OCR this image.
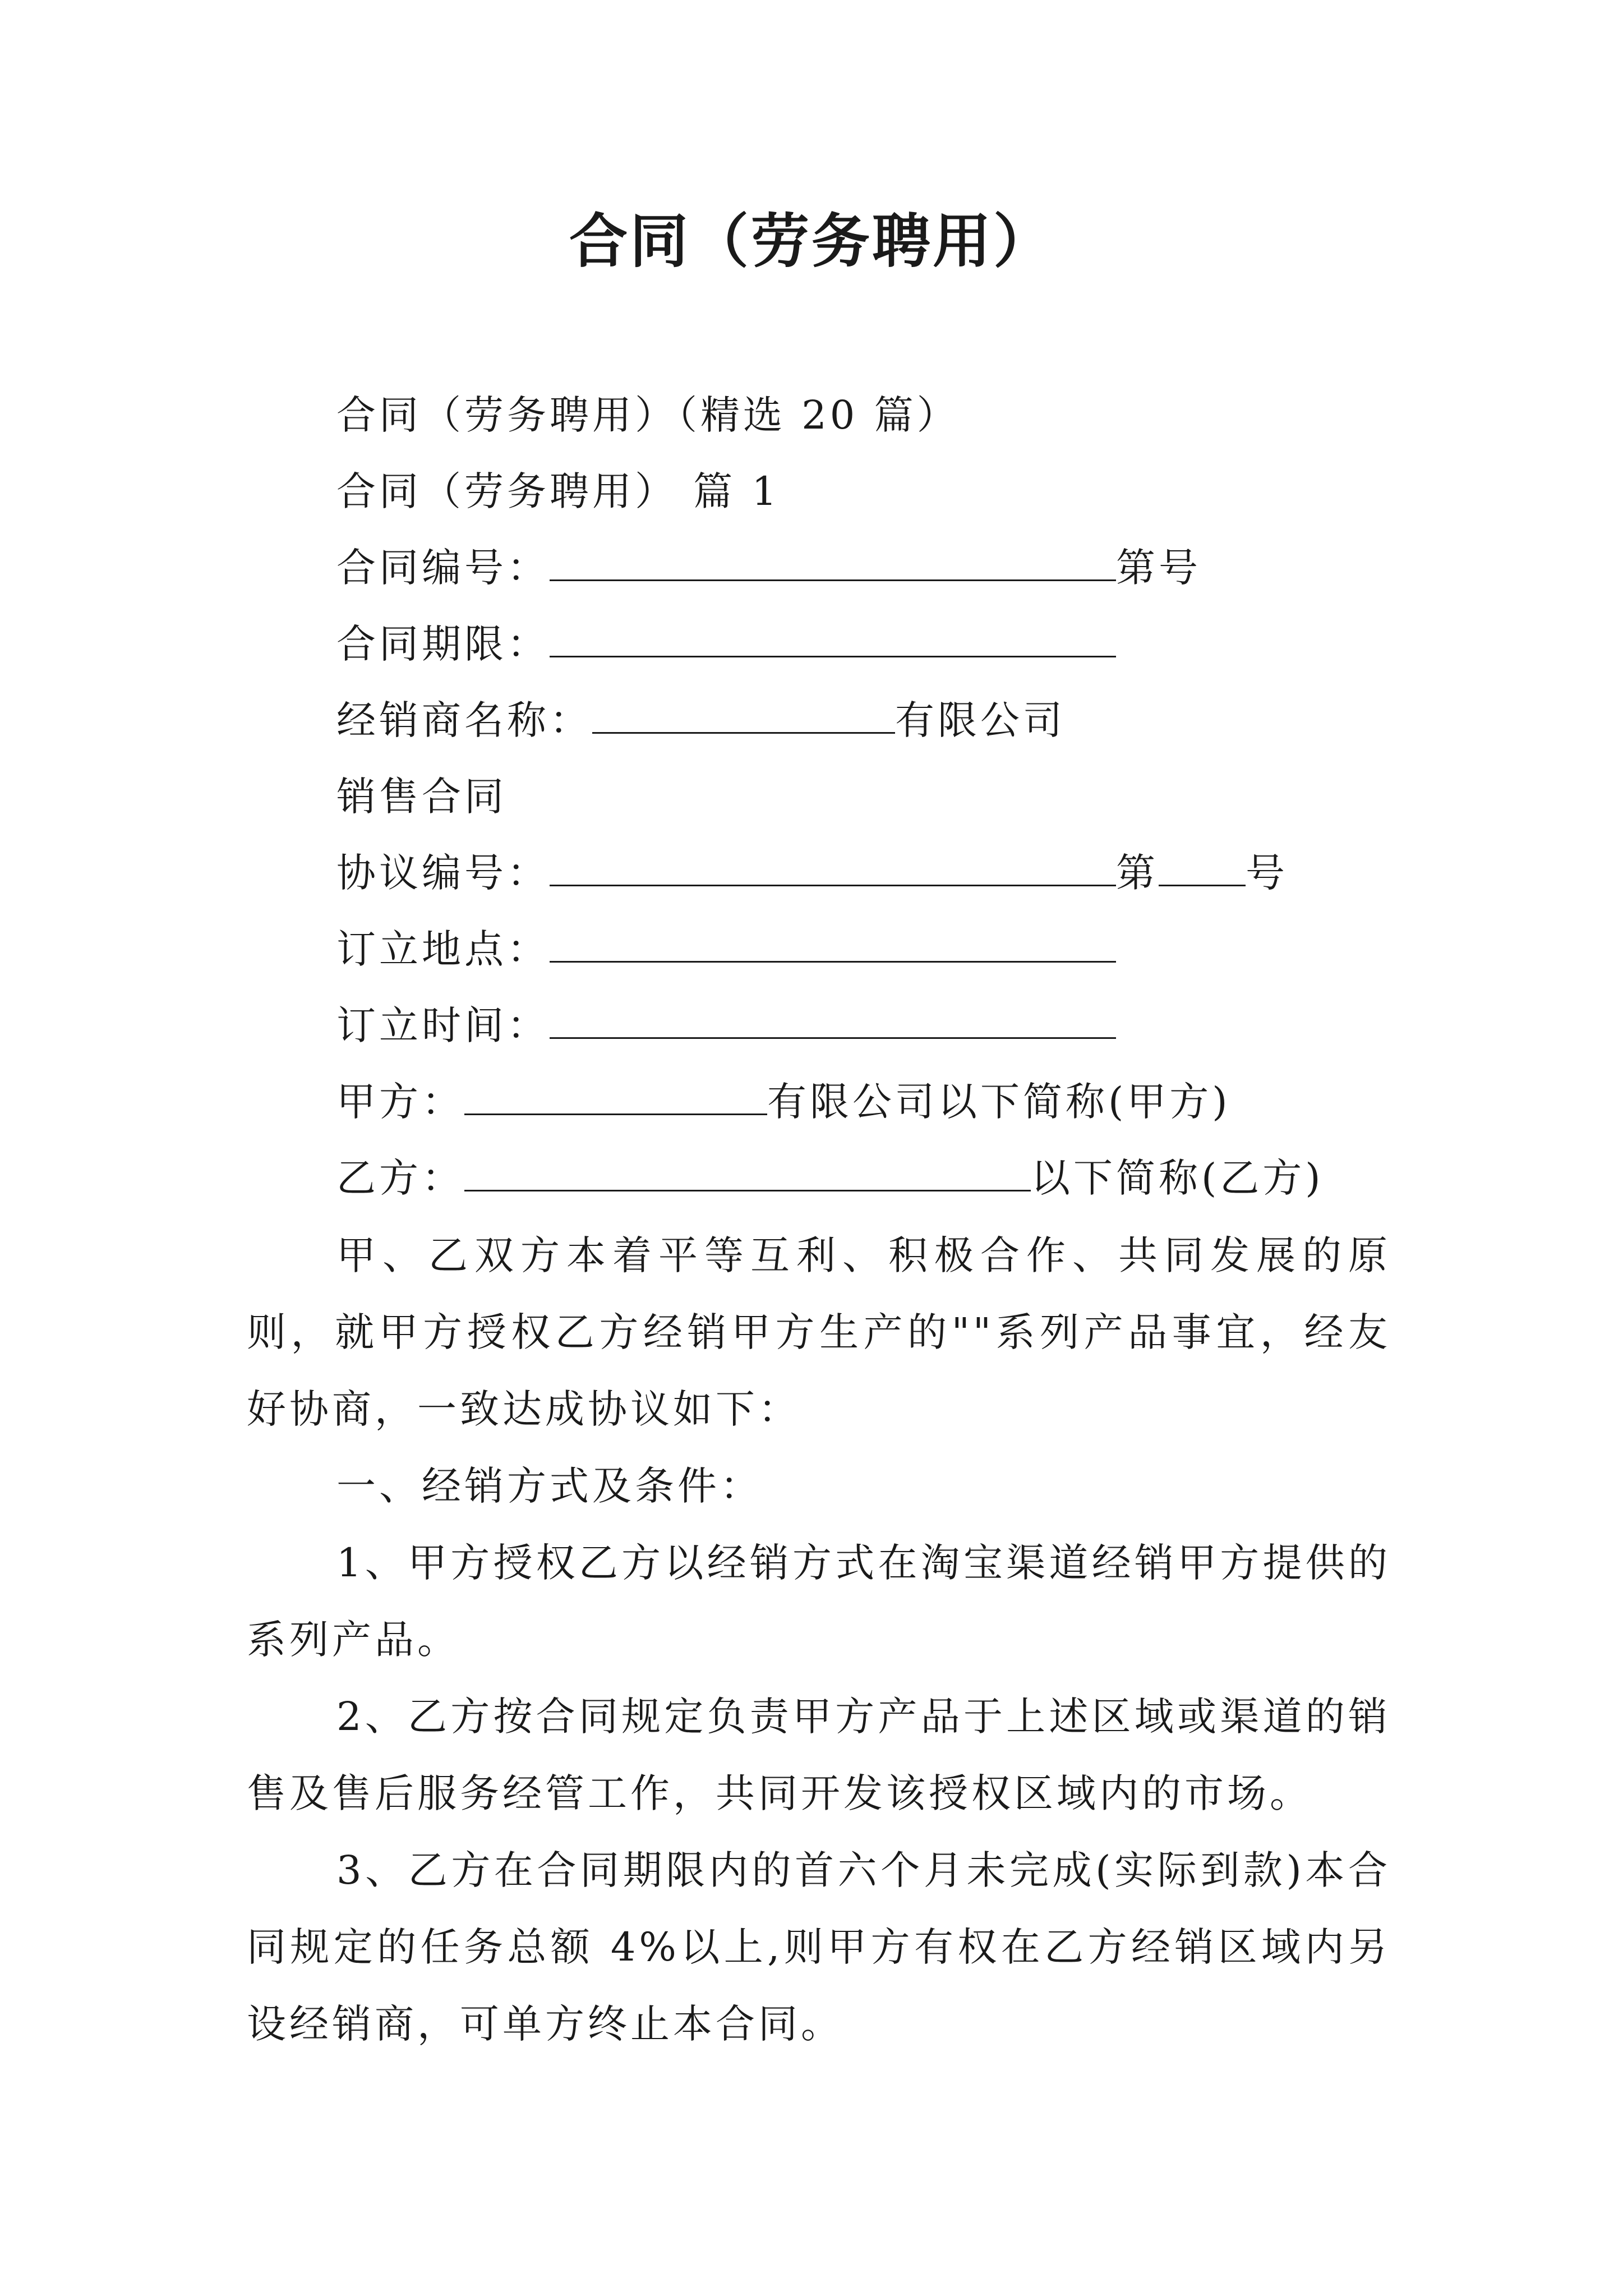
合同（劳务聘用）
合同（劳务聘用）（精选 20 篇）
合同（劳务聘用） 篇 1
合同编号：	第号
合同期限：
经销商名称：	有限公司
销售合同
协议编号：	第 号
订立地点：
订立时间：
甲方：	有限公司以下简称(甲方)
乙方：	以下简称(乙方)
甲、乙双方本着平等互利、积极合作、共同发展的原则，就甲方授权乙方经销甲方生产的""系列产品事宜，经友好协商，一致达成协议如下：
一、经销方式及条件：
1、甲方授权乙方以经销方式在淘宝渠道经销甲方提供的系列产品。
2、乙方按合同规定负责甲方产品于上述区域或渠道的销售及售后服务经管工作，共同开发该授权区域内的市场。
3、乙方在合同期限内的首六个月未完成(实际到款)本合同规定的任务总额 4%以上,则甲方有权在乙方经销区域内另设经销商，可单方终止本合同。
